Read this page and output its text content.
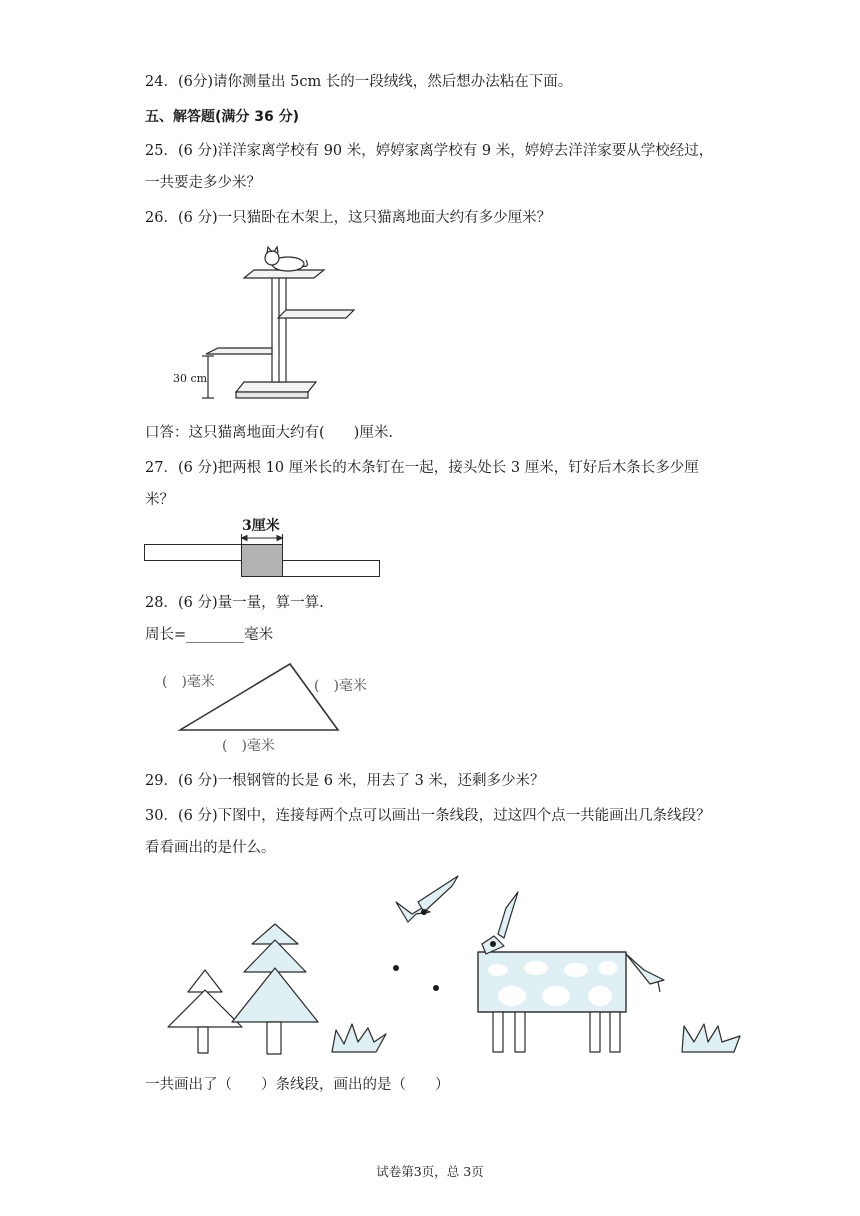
24．(6分)请你测量出 5cm 长的一段绒线，然后想办法粘在下面。
五、解答题(满分 36 分)
25．(6 分)洋洋家离学校有 90 米，婷婷家离学校有 9 米，婷婷去洋洋家要从学校经过，
一共要走多少米？
26．(6 分)一只猫卧在木架上，这只猫离地面大约有多少厘米？
30 cm
口答：这只猫离地面大约有(　　)厘米.
27．(6 分)把两根 10 厘米长的木条钉在一起，接头处长 3 厘米，钉好后木条长多少厘
米？
3厘米
28．(6 分)量一量，算一算.
周长=________毫米
(　)毫米	(　)毫米
(　)毫米
29．(6 分)一根钢管的长是 6 米，用去了 3 米，还剩多少米？
30．(6 分)下图中，连接每两个点可以画出一条线段，过这四个点一共能画出几条线段？
看看画出的是什么。
一共画出了（　　）条线段，画出的是（　　）
试卷第3页，总 3页
